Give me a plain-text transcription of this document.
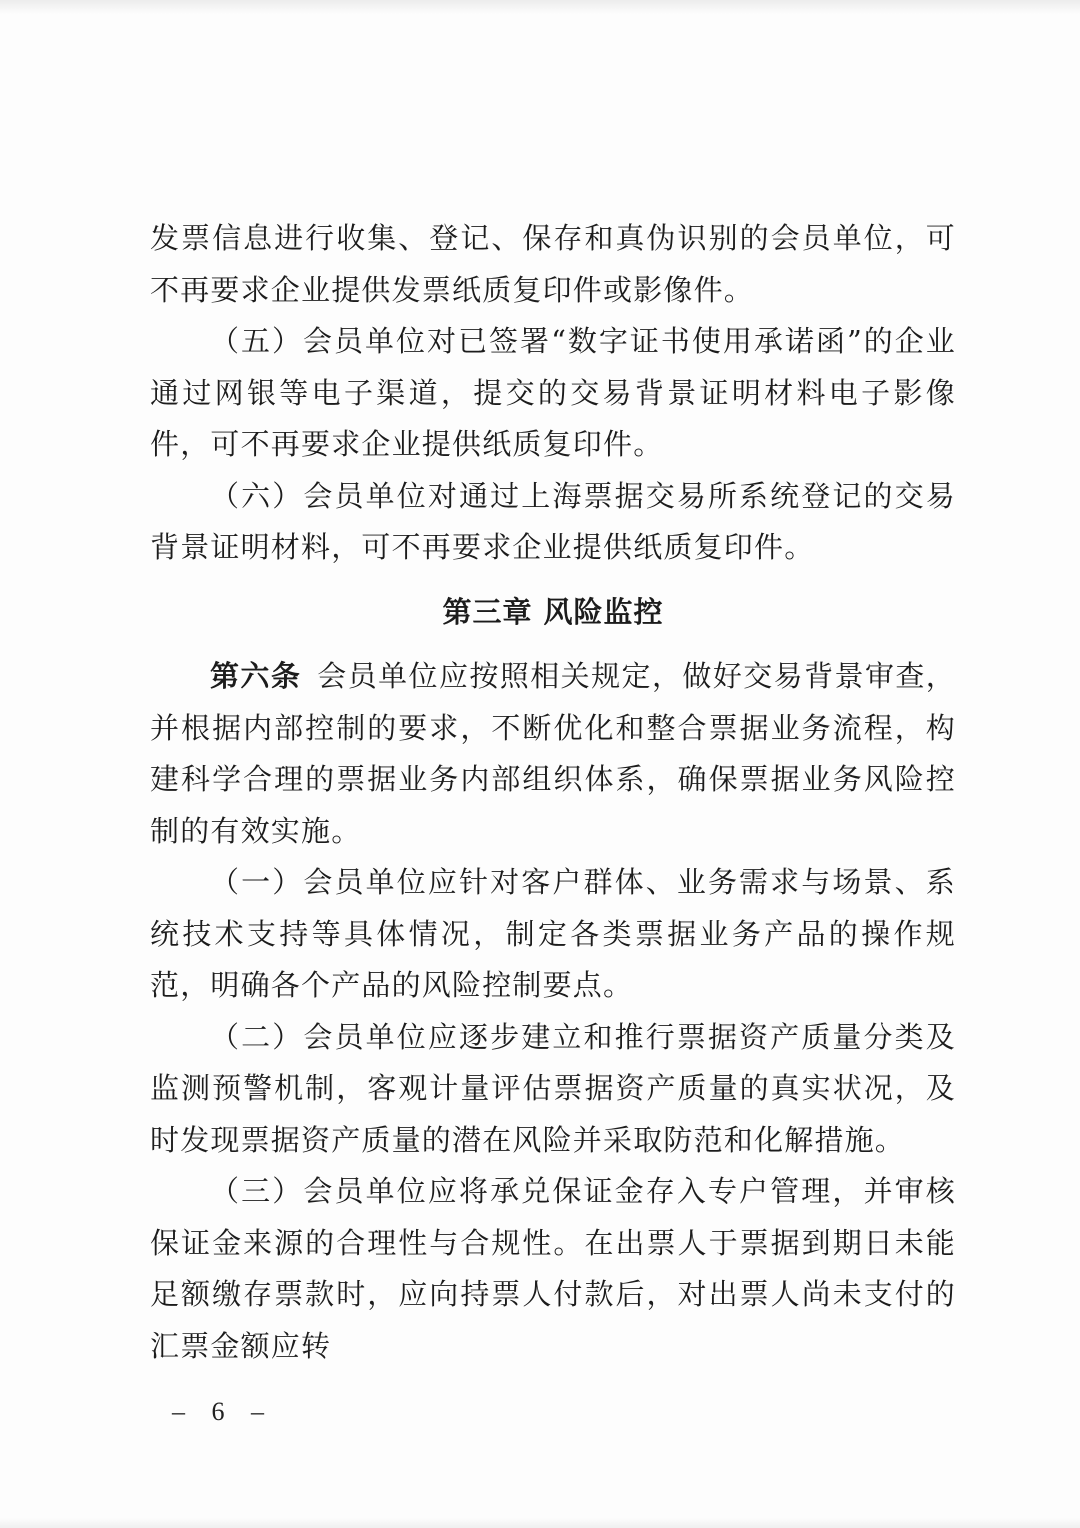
发票信息进行收集、登记、保存和真伪识别的会员单位，可不再要求企业提供发票纸质复印件或影像件。

（五）会员单位对已签署“数字证书使用承诺函”的企业通过网银等电子渠道，提交的交易背景证明材料电子影像件，可不再要求企业提供纸质复印件。

（六）会员单位对通过上海票据交易所系统登记的交易背景证明材料，可不再要求企业提供纸质复印件。

第三章 风险监控

第六条 会员单位应按照相关规定，做好交易背景审查，并根据内部控制的要求，不断优化和整合票据业务流程，构建科学合理的票据业务内部组织体系，确保票据业务风险控制的有效实施。

（一）会员单位应针对客户群体、业务需求与场景、系统技术支持等具体情况，制定各类票据业务产品的操作规范，明确各个产品的风险控制要点。

（二）会员单位应逐步建立和推行票据资产质量分类及监测预警机制，客观计量评估票据资产质量的真实状况，及时发现票据资产质量的潜在风险并采取防范和化解措施。

（三）会员单位应将承兑保证金存入专户管理，并审核保证金来源的合理性与合规性。在出票人于票据到期日未能足额缴存票款时，应向持票人付款后，对出票人尚未支付的汇票金额应转

– 6 –
